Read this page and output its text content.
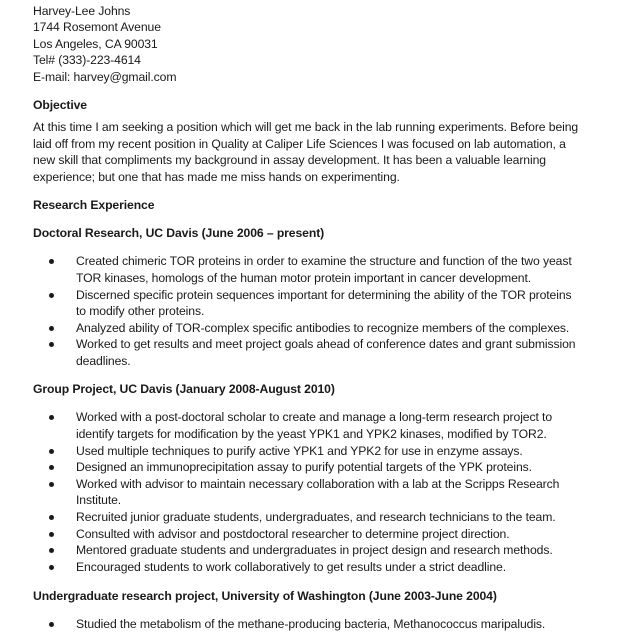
Harvey-Lee Johns
1744 Rosemont Avenue
Los Angeles, CA 90031
Tel# (333)-223-4614
E-mail: harvey@gmail.com
Objective
At this time I am seeking a position which will get me back in the lab running experiments. Before being
laid off from my recent position in Quality at Caliper Life Sciences I was focused on lab automation, a
new skill that compliments my background in assay development. It has been a valuable learning
experience; but one that has made me miss hands on experimenting.
Research Experience
Doctoral Research, UC Davis (June 2006 – present)
Created chimeric TOR proteins in order to examine the structure and function of the two yeast
TOR kinases, homologs of the human motor protein important in cancer development.
Discerned specific protein sequences important for determining the ability of the TOR proteins
to modify other proteins.
Analyzed ability of TOR-complex specific antibodies to recognize members of the complexes.
Worked to get results and meet project goals ahead of conference dates and grant submission
deadlines.
Group Project, UC Davis (January 2008-August 2010)
Worked with a post-doctoral scholar to create and manage a long-term research project to
identify targets for modification by the yeast YPK1 and YPK2 kinases, modified by TOR2.
Used multiple techniques to purify active YPK1 and YPK2 for use in enzyme assays.
Designed an immunoprecipitation assay to purify potential targets of the YPK proteins.
Worked with advisor to maintain necessary collaboration with a lab at the Scripps Research
Institute.
Recruited junior graduate students, undergraduates, and research technicians to the team.
Consulted with advisor and postdoctoral researcher to determine project direction.
Mentored graduate students and undergraduates in project design and research methods.
Encouraged students to work collaboratively to get results under a strict deadline.
Undergraduate research project, University of Washington (June 2003-June 2004)
Studied the metabolism of the methane-producing bacteria, Methanococcus maripaludis.
